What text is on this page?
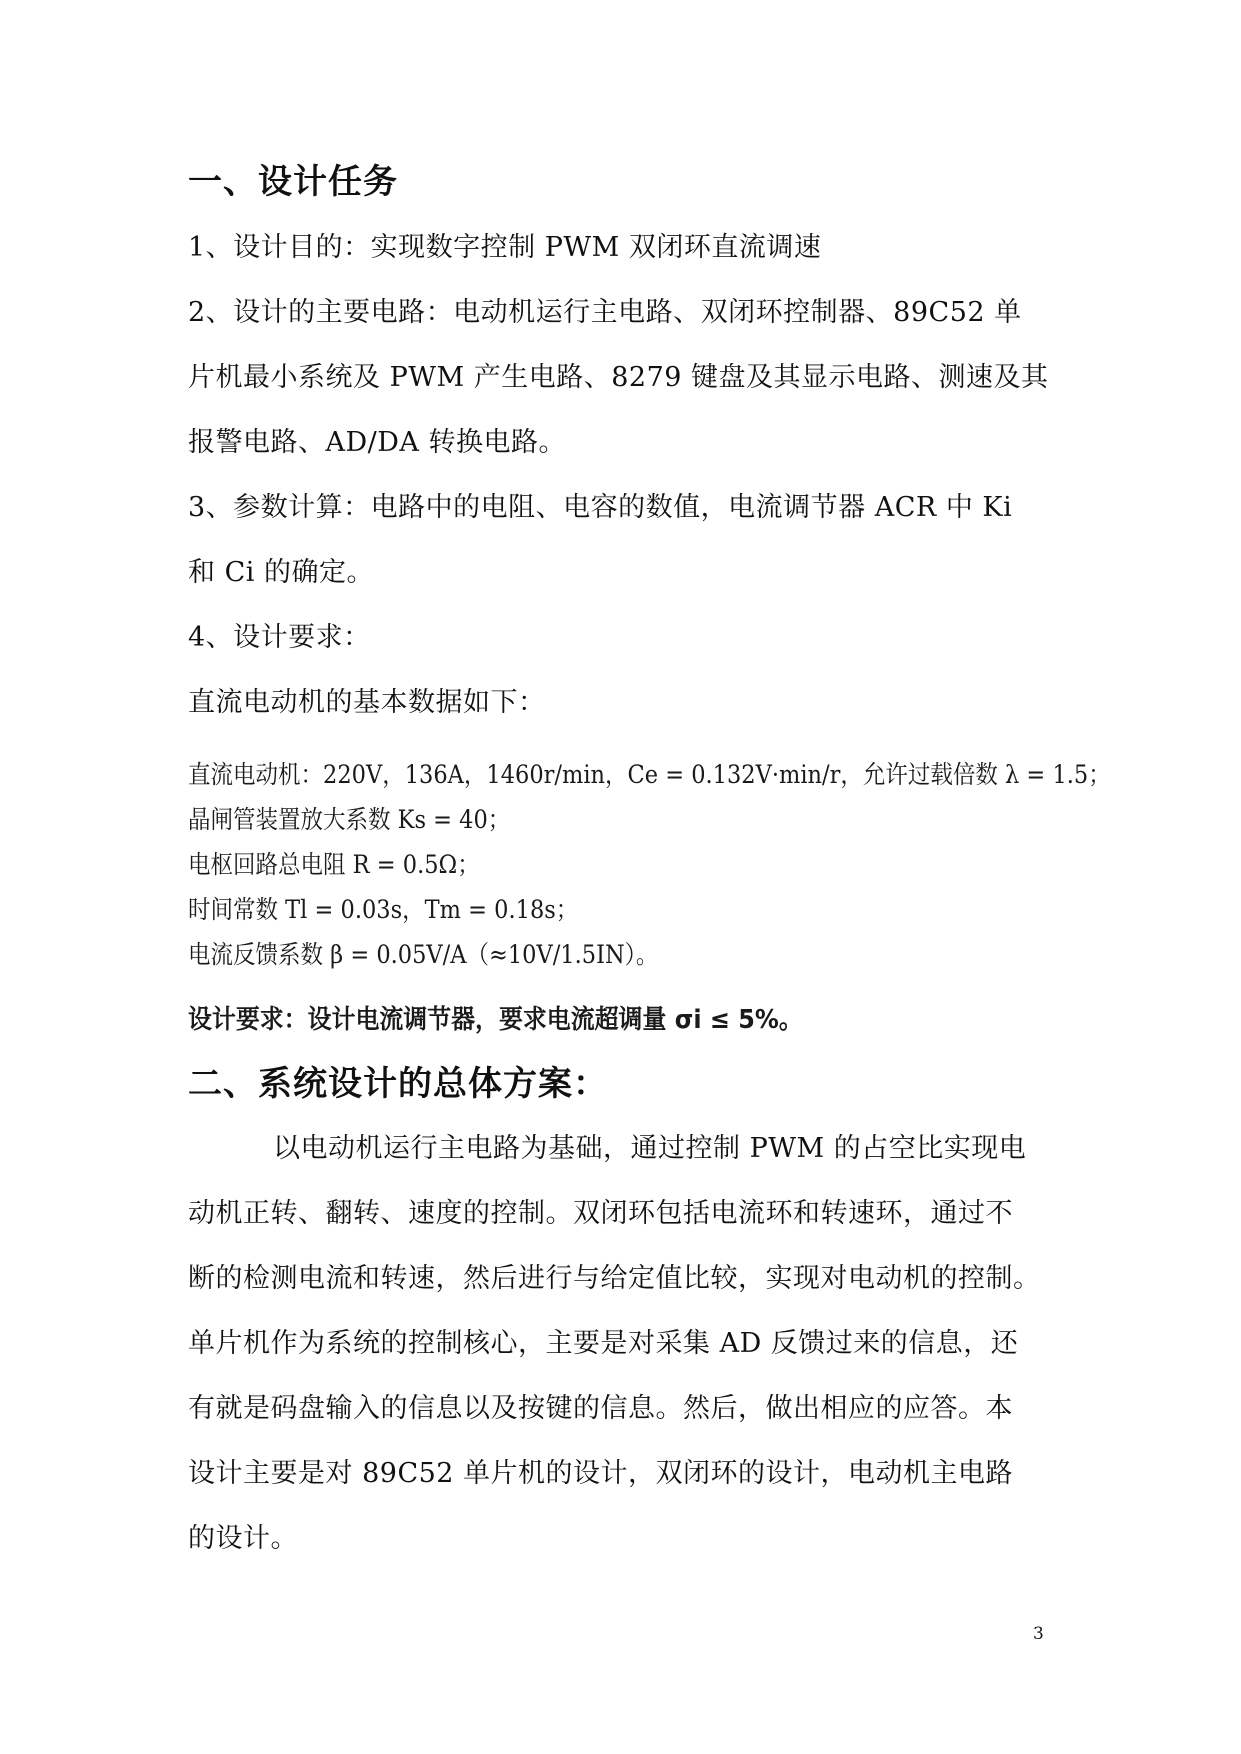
一、设计任务
1、设计目的：实现数字控制 PWM 双闭环直流调速
2、设计的主要电路：电动机运行主电路、双闭环控制器、89C52 单
片机最小系统及 PWM 产生电路、8279 键盘及其显示电路、测速及其
报警电路、AD/DA 转换电路。
3、参数计算：电路中的电阻、电容的数值，电流调节器 ACR 中 Ki
和 Ci 的确定。
4、设计要求：
直流电动机的基本数据如下：
直流电动机：220V，136A，1460r/min，Ce = 0.132V·min/r，允许过载倍数 λ = 1.5；
晶闸管装置放大系数 Ks = 40；
电枢回路总电阻 R = 0.5Ω；
时间常数 Tl = 0.03s，Tm = 0.18s；
电流反馈系数 β = 0.05V/A（≈10V/1.5IN）。
设计要求：设计电流调节器，要求电流超调量 σi ≤ 5%。
二、系统设计的总体方案：
以电动机运行主电路为基础，通过控制 PWM 的占空比实现电
动机正转、翻转、速度的控制。双闭环包括电流环和转速环，通过不
断的检测电流和转速，然后进行与给定值比较，实现对电动机的控制。
单片机作为系统的控制核心，主要是对采集 AD 反馈过来的信息，还
有就是码盘输入的信息以及按键的信息。然后，做出相应的应答。本
设计主要是对 89C52 单片机的设计，双闭环的设计，电动机主电路
的设计。
3
